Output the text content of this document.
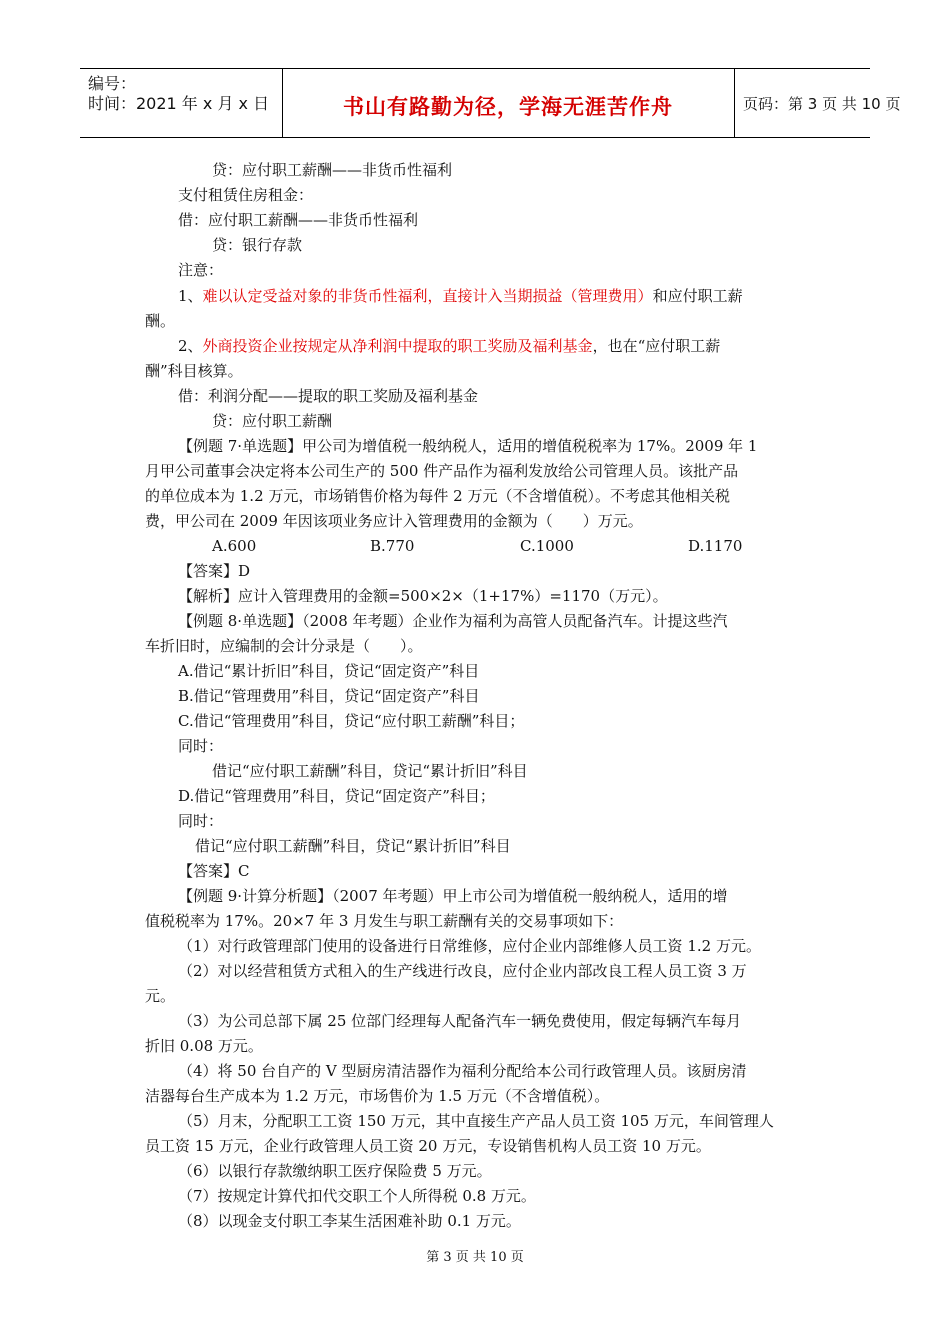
编号：
时间：2021 年 x 月 x 日	书山有路勤为径，学海无涯苦作舟	页码：第 3 页 共 10 页
贷：应付职工薪酬——非货币性福利
支付租赁住房租金：
借：应付职工薪酬——非货币性福利
贷：银行存款
注意：
1、难以认定受益对象的非货币性福利，直接计入当期损益（管理费用）和应付职工薪
酬。
2、外商投资企业按规定从净利润中提取的职工奖励及福利基金，也在“应付职工薪
酬”科目核算。
借：利润分配——提取的职工奖励及福利基金
贷：应付职工薪酬
【例题 7·单选题】甲公司为增值税一般纳税人，适用的增值税税率为 17%。2009 年 1
月甲公司董事会决定将本公司生产的 500 件产品作为福利发放给公司管理人员。该批产品
的单位成本为 1.2 万元，市场销售价格为每件 2 万元（不含增值税）。不考虑其他相关税
费，甲公司在 2009 年因该项业务应计入管理费用的金额为（　　）万元。
A.600	B.770	C.1000	D.1170
【答案】D
【解析】应计入管理费用的金额=500×2×（1+17%）=1170（万元）。
【例题 8·单选题】（2008 年考题）企业作为福利为高管人员配备汽车。计提这些汽
车折旧时，应编制的会计分录是（　　）。
A.借记“累计折旧”科目，贷记“固定资产”科目
B.借记“管理费用”科目，贷记“固定资产”科目
C.借记“管理费用”科目，贷记“应付职工薪酬”科目；
同时：
借记“应付职工薪酬”科目，贷记“累计折旧”科目
D.借记“管理费用”科目，贷记“固定资产”科目；
同时：
借记“应付职工薪酬”科目，贷记“累计折旧”科目
【答案】C
【例题 9·计算分析题】（2007 年考题）甲上市公司为增值税一般纳税人，适用的增
值税税率为 17%。20×7 年 3 月发生与职工薪酬有关的交易事项如下：
（1）对行政管理部门使用的设备进行日常维修，应付企业内部维修人员工资 1.2 万元。
（2）对以经营租赁方式租入的生产线进行改良，应付企业内部改良工程人员工资 3 万
元。
（3）为公司总部下属 25 位部门经理每人配备汽车一辆免费使用，假定每辆汽车每月
折旧 0.08 万元。
（4）将 50 台自产的 V 型厨房清洁器作为福利分配给本公司行政管理人员。该厨房清
洁器每台生产成本为 1.2 万元，市场售价为 1.5 万元（不含增值税）。
（5）月末，分配职工工资 150 万元，其中直接生产产品人员工资 105 万元，车间管理人
员工资 15 万元，企业行政管理人员工资 20 万元，专设销售机构人员工资 10 万元。
（6）以银行存款缴纳职工医疗保险费 5 万元。
（7）按规定计算代扣代交职工个人所得税 0.8 万元。
（8）以现金支付职工李某生活困难补助 0.1 万元。
第 3 页 共 10 页
